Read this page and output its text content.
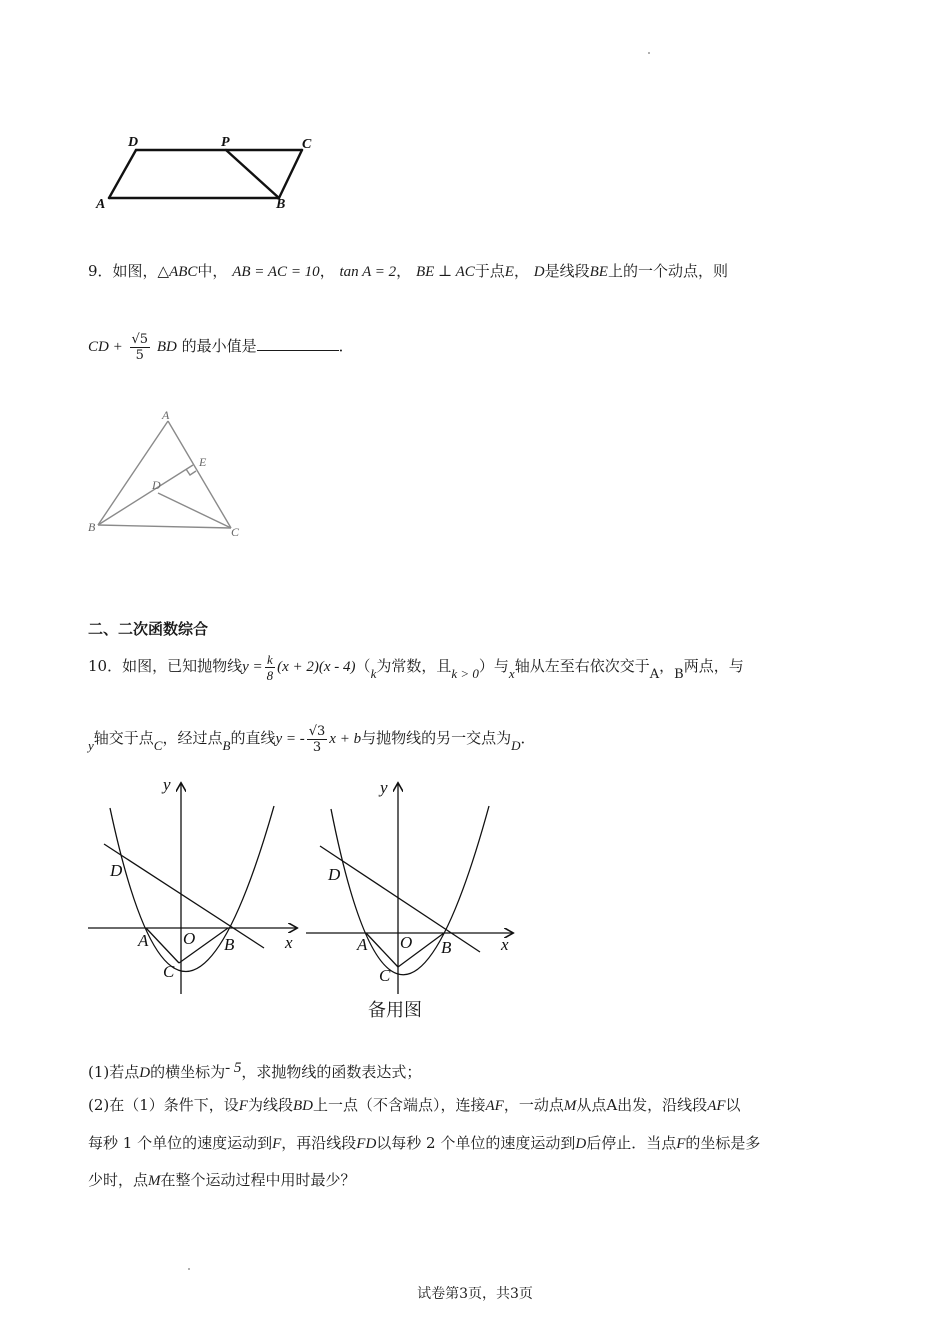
D	P	C
A	B
9．如图，△ABC中， AB = AC = 10， tan A = 2， BE ⊥ AC于点E， D是线段BE上的一个动点，则
CD + $\frac{√5}{5}$ BD 的最小值是	．
A
E
D
B	C
二、二次函数综合
10．如图，已知抛物线$y = \frac{k}{8} (x + 2)(x - 4)(k$为常数，且k > 0）与x轴从左至右依次交于A，B两点，与
y轴交于点C，经过点B的直线y = - $\frac{√3}{3}$ x + b与抛物线的另一交点为D．
y
x
D
A O B
C
y
x
D
A O B
C
备用图
(1)若点D的横坐标为- 5，求抛物线的函数表达式；
(2)在（1）条件下，设F为线段BD上一点（不含端点），连接AF，一动点M从点A出发，沿线段AF以
每秒 1 个单位的速度运动到F，再沿线段FD以每秒 2 个单位的速度运动到D后停止．当点F的坐标是多
少时，点M在整个运动过程中用时最少？
试卷第3页，共3页
